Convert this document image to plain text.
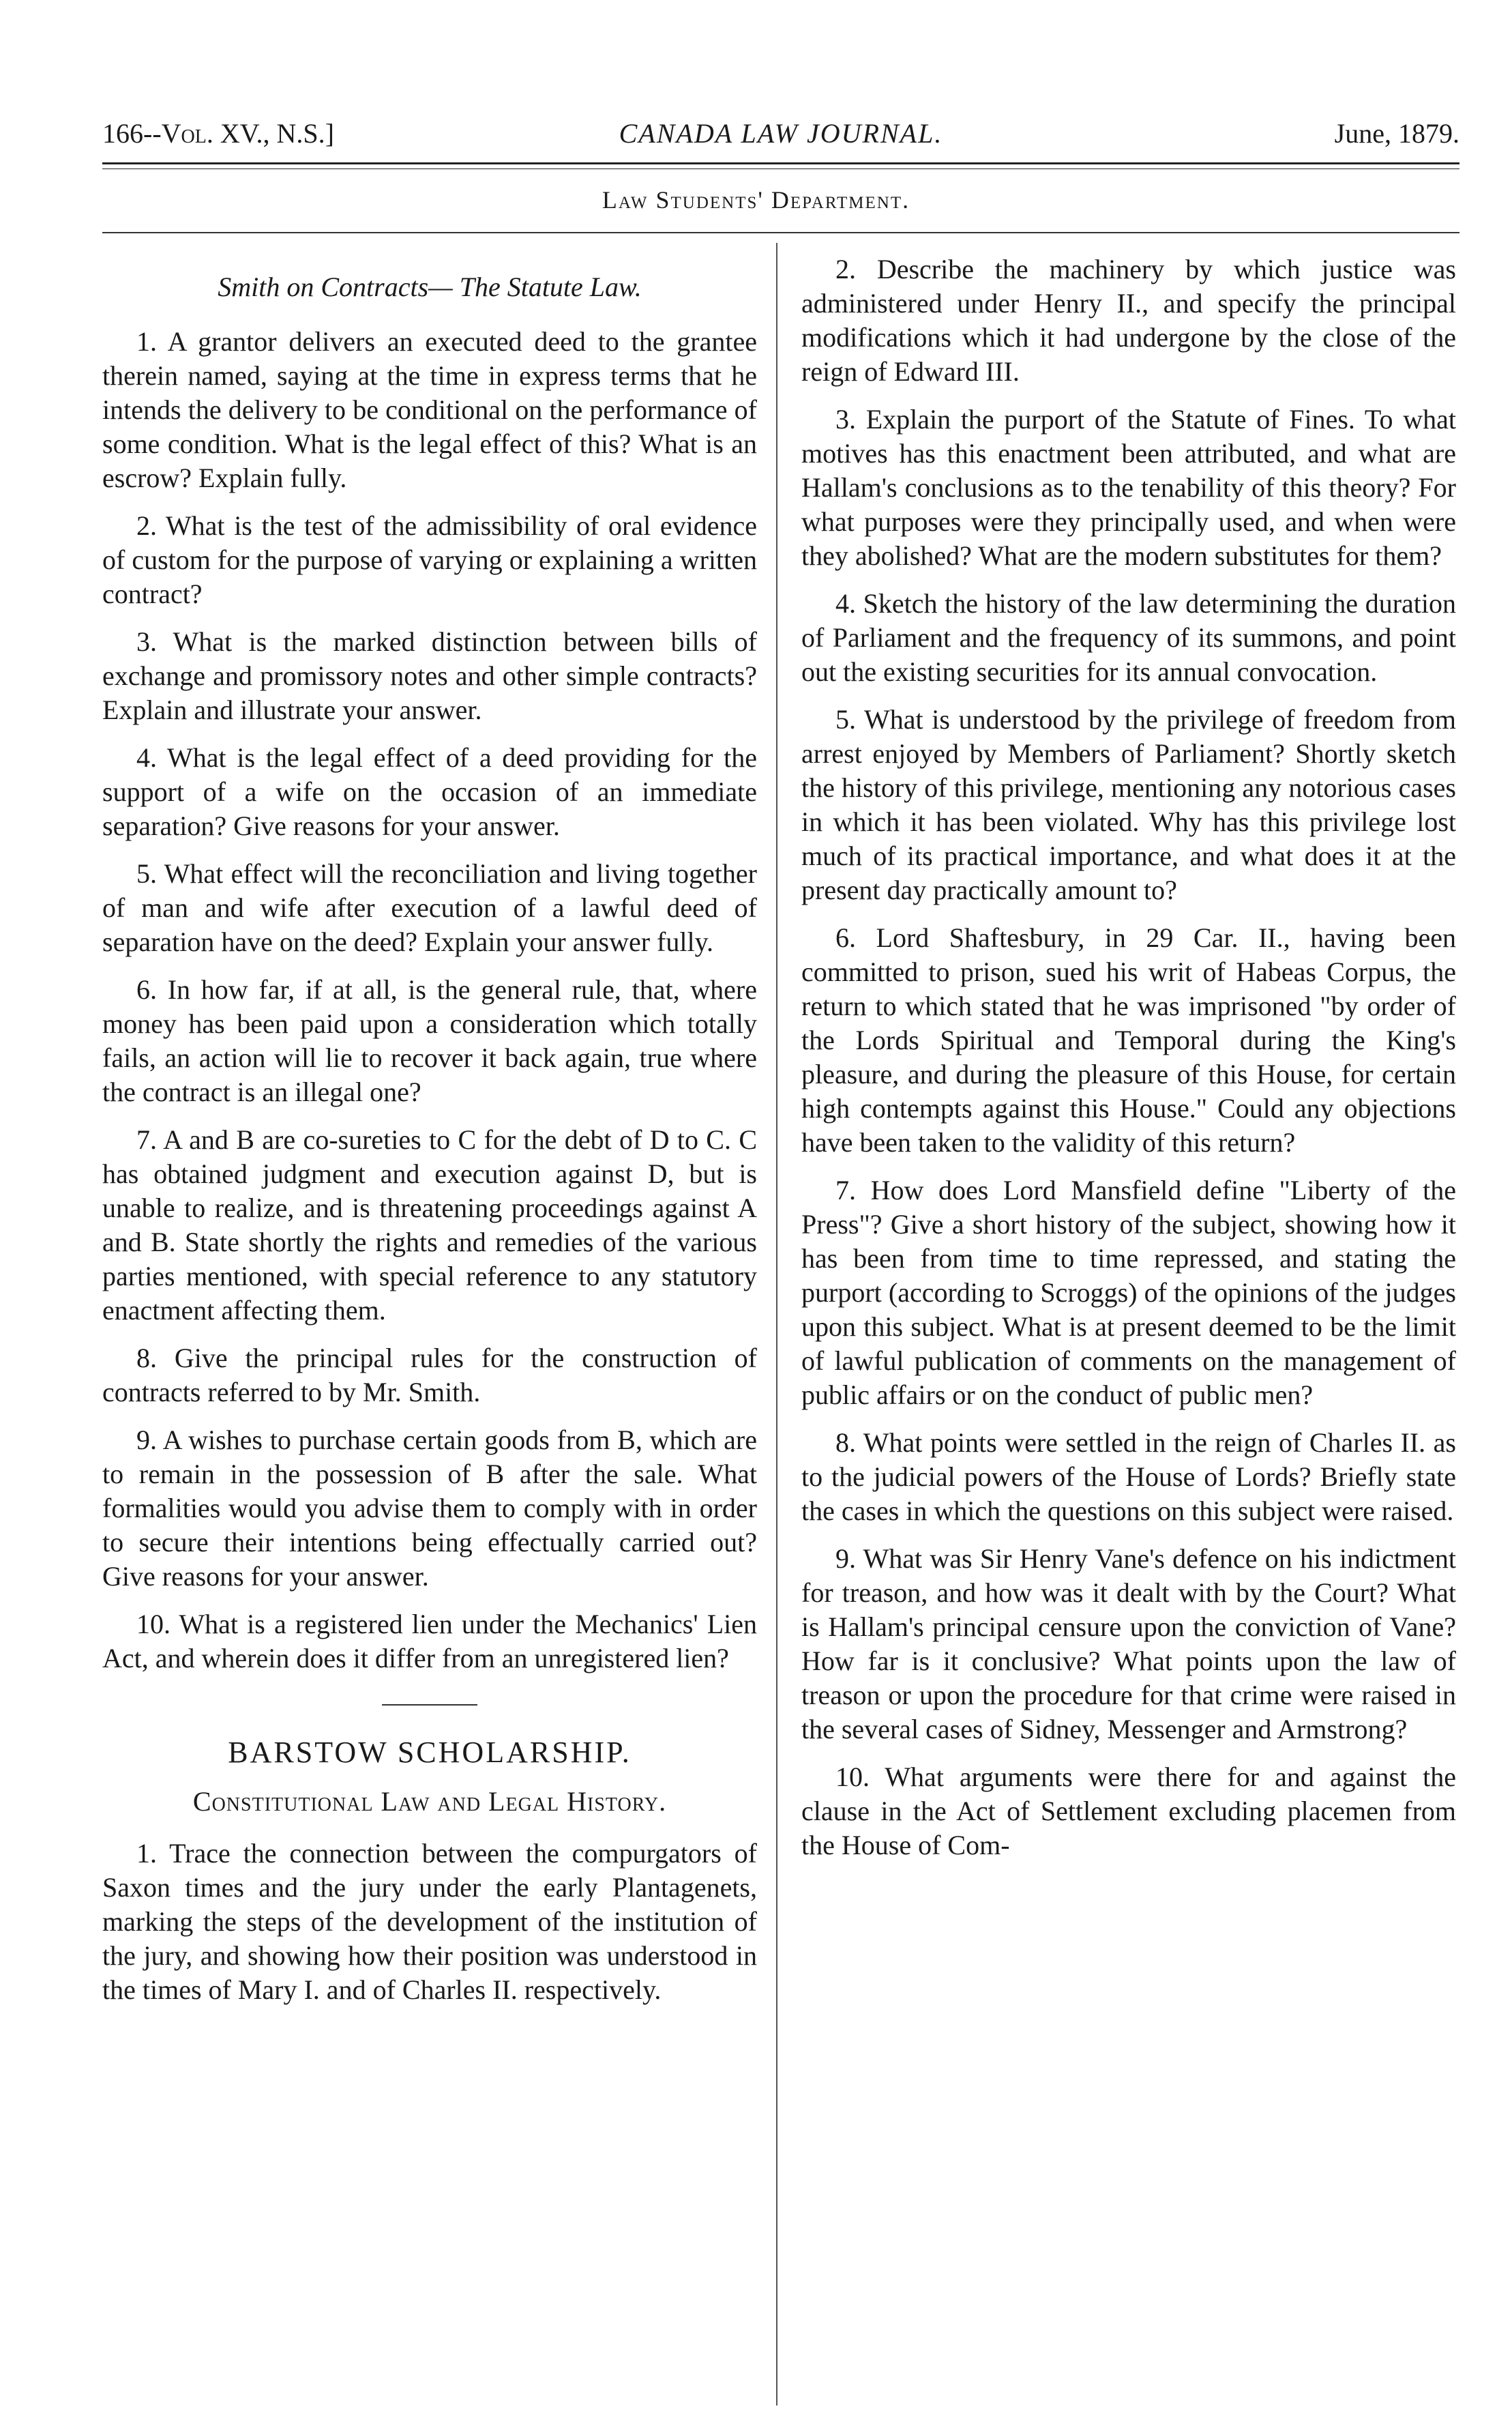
166--Vol. XV., N.S.]	CANADA LAW JOURNAL.	June, 1879.
Law Students' Department.
Smith on Contracts— The Statute Law.

1. A grantor delivers an executed deed to the grantee therein named, saying at the time in express terms that he intends the delivery to be conditional on the performance of some condition. What is the legal effect of this? What is an escrow? Explain fully.

2. What is the test of the admissibility of oral evidence of custom for the purpose of varying or explaining a written contract?

3. What is the marked distinction between bills of exchange and promissory notes and other simple contracts? Explain and illustrate your answer.

4. What is the legal effect of a deed providing for the support of a wife on the occasion of an immediate separation? Give reasons for your answer.

5. What effect will the reconciliation and living together of man and wife after execution of a lawful deed of separation have on the deed? Explain your answer fully.

6. In how far, if at all, is the general rule, that, where money has been paid upon a consideration which totally fails, an action will lie to recover it back again, true where the contract is an illegal one?

7. A and B are co-sureties to C for the debt of D to C. C has obtained judgment and execution against D, but is unable to realize, and is threatening proceedings against A and B. State shortly the rights and remedies of the various parties mentioned, with special reference to any statutory enactment affecting them.

8. Give the principal rules for the construction of contracts referred to by Mr. Smith.

9. A wishes to purchase certain goods from B, which are to remain in the possession of B after the sale. What formalities would you advise them to comply with in order to secure their intentions being effectually carried out? Give reasons for your answer.

10. What is a registered lien under the Mechanics' Lien Act, and wherein does it differ from an unregistered lien?

BARSTOW SCHOLARSHIP.
Constitutional Law and Legal History.

1. Trace the connection between the compurgators of Saxon times and the jury under the early Plantagenets, marking the steps of the development of the institution of the jury, and showing how their position was understood in the times of Mary I. and of Charles II. respectively.

2. Describe the machinery by which justice was administered under Henry II., and specify the principal modifications which it had undergone by the close of the reign of Edward III.

3. Explain the purport of the Statute of Fines. To what motives has this enactment been attributed, and what are Hallam's conclusions as to the tenability of this theory? For what purposes were they principally used, and when were they abolished? What are the modern substitutes for them?

4. Sketch the history of the law determining the duration of Parliament and the frequency of its summons, and point out the existing securities for its annual convocation.

5. What is understood by the privilege of freedom from arrest enjoyed by Members of Parliament? Shortly sketch the history of this privilege, mentioning any notorious cases in which it has been violated. Why has this privilege lost much of its practical importance, and what does it at the present day practically amount to?

6. Lord Shaftesbury, in 29 Car. II., having been committed to prison, sued his writ of Habeas Corpus, the return to which stated that he was imprisoned "by order of the Lords Spiritual and Temporal during the King's pleasure, and during the pleasure of this House, for certain high contempts against this House." Could any objections have been taken to the validity of this return?

7. How does Lord Mansfield define "Liberty of the Press"? Give a short history of the subject, showing how it has been from time to time repressed, and stating the purport (according to Scroggs) of the opinions of the judges upon this subject. What is at present deemed to be the limit of lawful publication of comments on the management of public affairs or on the conduct of public men?

8. What points were settled in the reign of Charles II. as to the judicial powers of the House of Lords? Briefly state the cases in which the questions on this subject were raised.

9. What was Sir Henry Vane's defence on his indictment for treason, and how was it dealt with by the Court? What is Hallam's principal censure upon the conviction of Vane? How far is it conclusive? What points upon the law of treason or upon the procedure for that crime were raised in the several cases of Sidney, Messenger and Armstrong?

10. What arguments were there for and against the clause in the Act of Settlement excluding placemen from the House of Com-
